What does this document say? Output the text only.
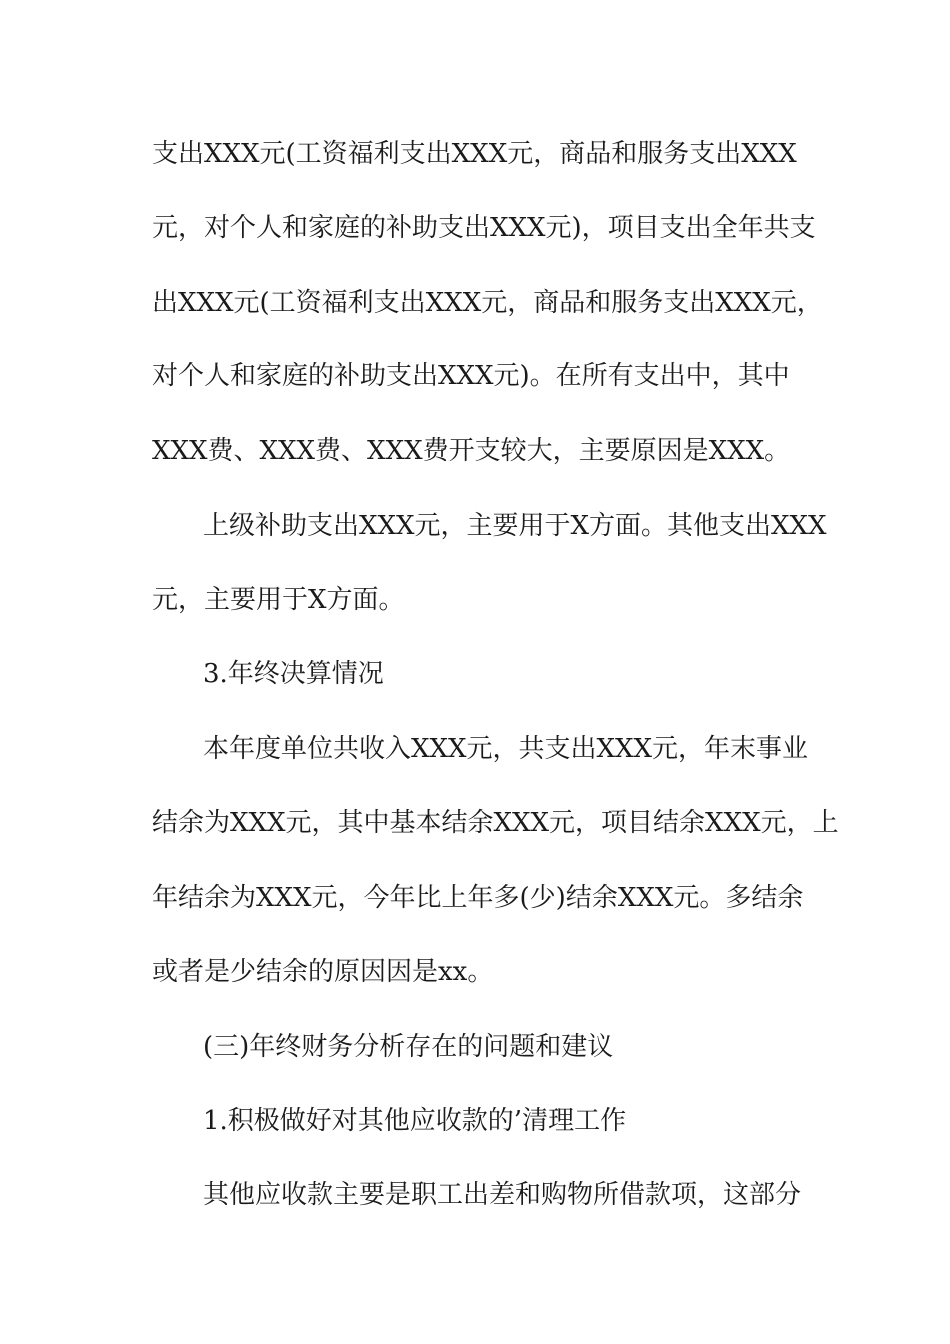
支出XXX元(工资福利支出XXX元，商品和服务支出XXX
元，对个人和家庭的补助支出XXX元)，项目支出全年共支
出XXX元(工资福利支出XXX元，商品和服务支出XXX元，
对个人和家庭的补助支出XXX元)。在所有支出中，其中
XXX费、XXX费、XXX费开支较大，主要原因是XXX。
上级补助支出XXX元，主要用于X方面。其他支出XXX
元，主要用于X方面。
3.年终决算情况
本年度单位共收入XXX元，共支出XXX元，年末事业
结余为XXX元，其中基本结余XXX元，项目结余XXX元，上
年结余为XXX元，今年比上年多(少)结余XXX元。多结余
或者是少结余的原因因是xx。
(三)年终财务分析存在的问题和建议
1.积极做好对其他应收款的’清理工作
其他应收款主要是职工出差和购物所借款项，这部分
